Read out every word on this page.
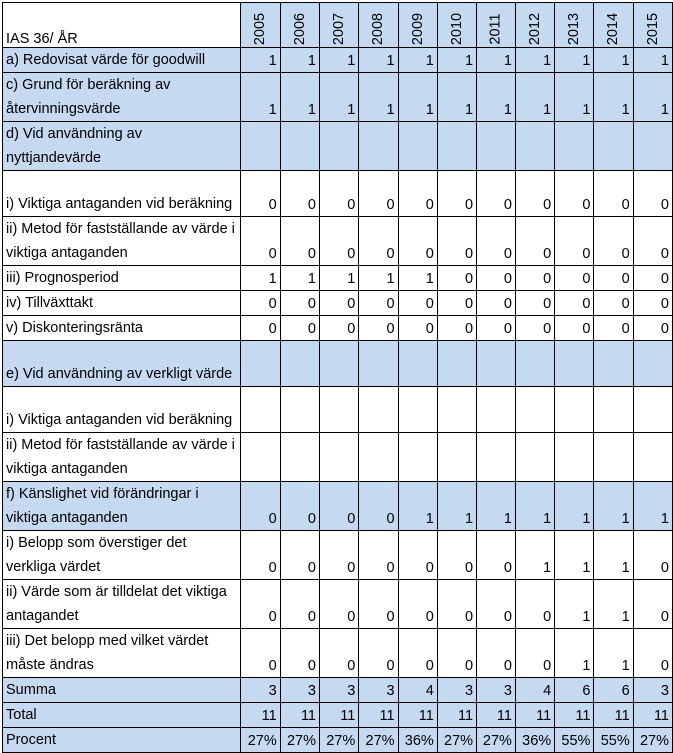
IAS 36/ ÅR	2005	2006	2007	2008	2009	2010	2011	2012	2013	2014	2015
a) Redovisat värde för goodwill	1	1	1	1	1	1	1	1	1	1	1
c) Grund för beräkning av återvinningsvärde	1	1	1	1	1	1	1	1	1	1	1
d) Vid användning av nyttjandevärde											
i) Viktiga antaganden vid beräkning	0	0	0	0	0	0	0	0	0	0	0
ii) Metod för fastställande av värde i viktiga antaganden	0	0	0	0	0	0	0	0	0	0	0
iii) Prognosperiod	1	1	1	1	1	0	0	0	0	0	0
iv) Tillväxttakt	0	0	0	0	0	0	0	0	0	0	0
v) Diskonteringsränta	0	0	0	0	0	0	0	0	0	0	0
e) Vid användning av verkligt värde											
i) Viktiga antaganden vid beräkning											
ii) Metod för fastställande av värde i viktiga antaganden											
f) Känslighet vid förändringar i viktiga antaganden	0	0	0	0	1	1	1	1	1	1	1
i) Belopp som överstiger det verkliga värdet	0	0	0	0	0	0	0	1	1	1	0
ii) Värde som är tilldelat det viktiga antagandet	0	0	0	0	0	0	0	0	1	1	0
iii) Det belopp med vilket värdet måste ändras	0	0	0	0	0	0	0	0	1	1	0
Summa	3	3	3	3	4	3	3	4	6	6	3
Total	11	11	11	11	11	11	11	11	11	11	11
Procent	27%	27%	27%	27%	36%	27%	27%	36%	55%	55%	27%
